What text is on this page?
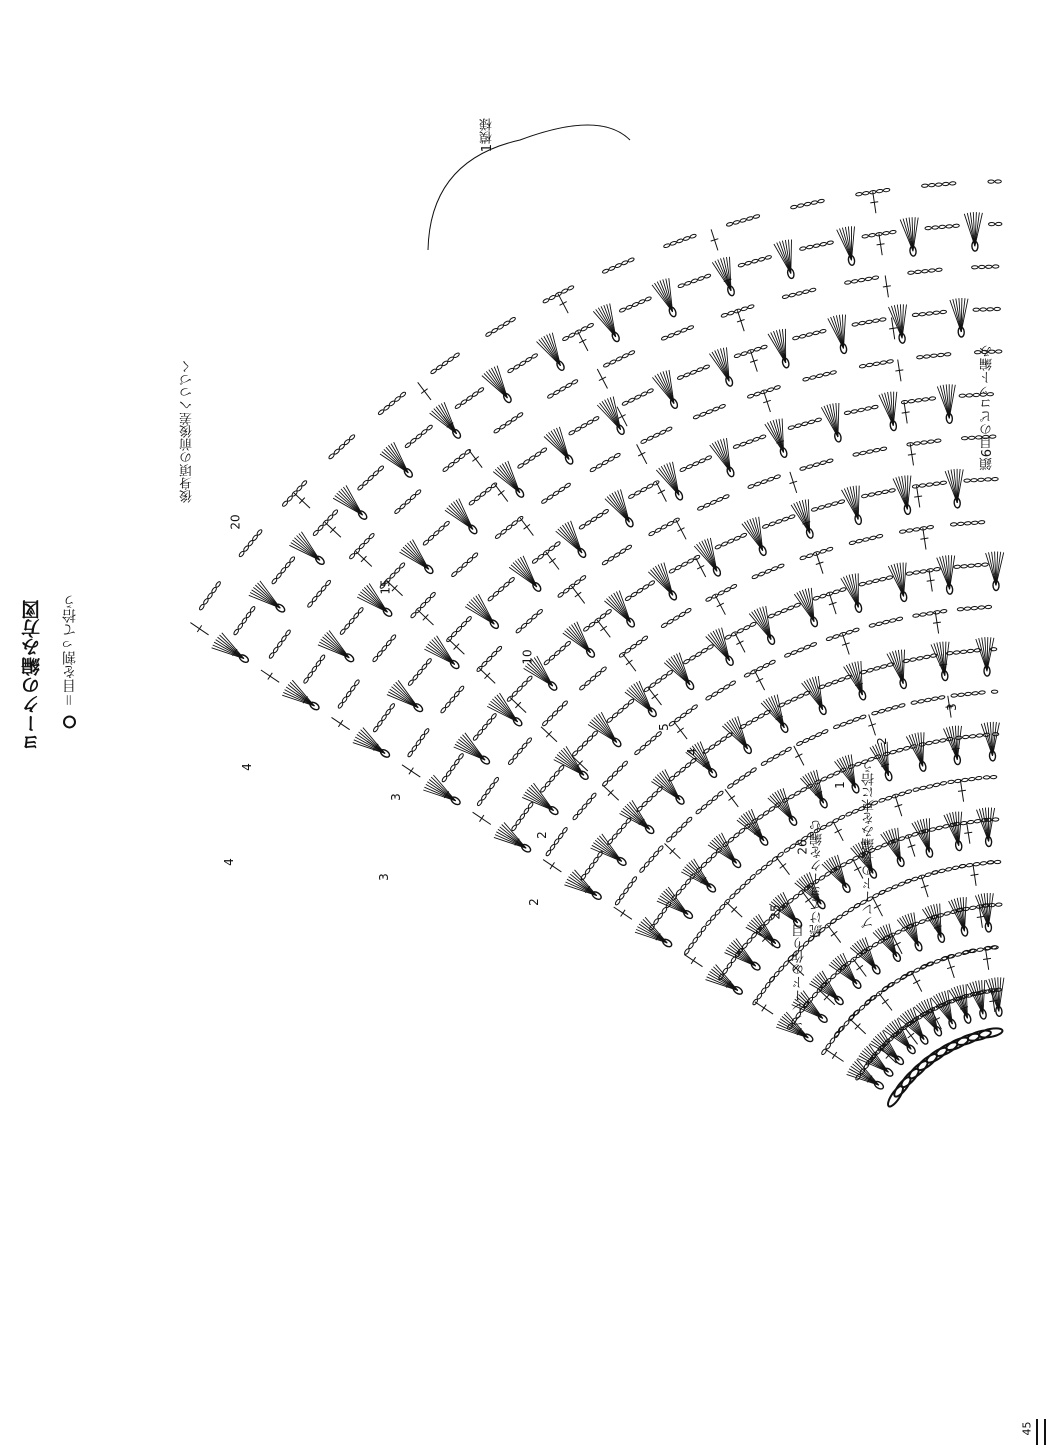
ヨークの編み方図 ＝目を割って拾う
1模様
後身頃の前後差へつづく	鎖6目のピコット編み
ブレードの作り目
続けてヨークを編む	ブレードの長編みを束に拾う
1
2
3
4
5
10
15
20
25
26
2
3
4
4
3
2
45
